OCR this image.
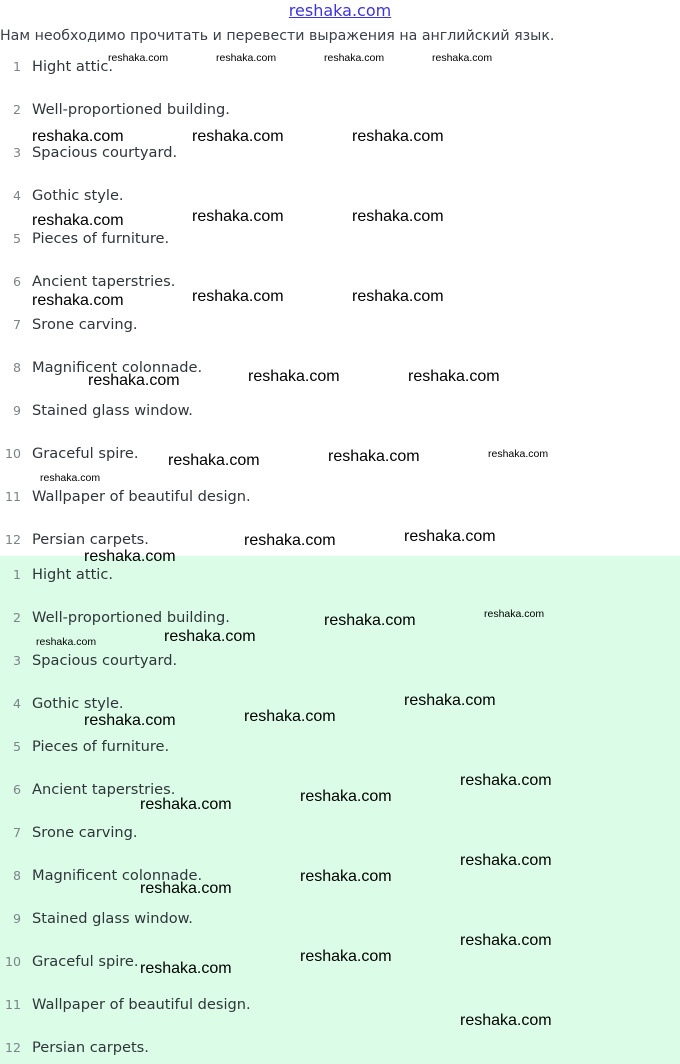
reshaka.com
Нам необходимо прочитать и перевести выражения на английский язык.
1 Hight attic.
2 Well-proportioned building.
3 Spacious courtyard.
4 Gothic style.
5 Pieces of furniture.
6 Ancient taperstries.
7 Srone carving.
8 Magnificent colonnade.
9 Stained glass window.
10 Graceful spire.
11 Wallpaper of beautiful design.
12 Persian carpets.
1 Hight attic.
2 Well-proportioned building.
3 Spacious courtyard.
4 Gothic style.
5 Pieces of furniture.
6 Ancient taperstries.
7 Srone carving.
8 Magnificent colonnade.
9 Stained glass window.
10 Graceful spire.
11 Wallpaper of beautiful design.
12 Persian carpets.
reshaka.com	reshaka.com	reshaka.com	reshaka.com
reshaka.com	reshaka.com	reshaka.com
reshaka.com	reshaka.com	reshaka.com
reshaka.com	reshaka.com	reshaka.com
reshaka.com	reshaka.com	reshaka.com
reshaka.com	reshaka.com	reshaka.com
reshaka.com
reshaka.com	reshaka.com
reshaka.com
reshaka.com	reshaka.com
reshaka.com
reshaka.com
reshaka.com
reshaka.com
reshaka.com
reshaka.com
reshaka.com
reshaka.com
reshaka.com
reshaka.com
reshaka.com
reshaka.com
reshaka.com
reshaka.com
reshaka.com
